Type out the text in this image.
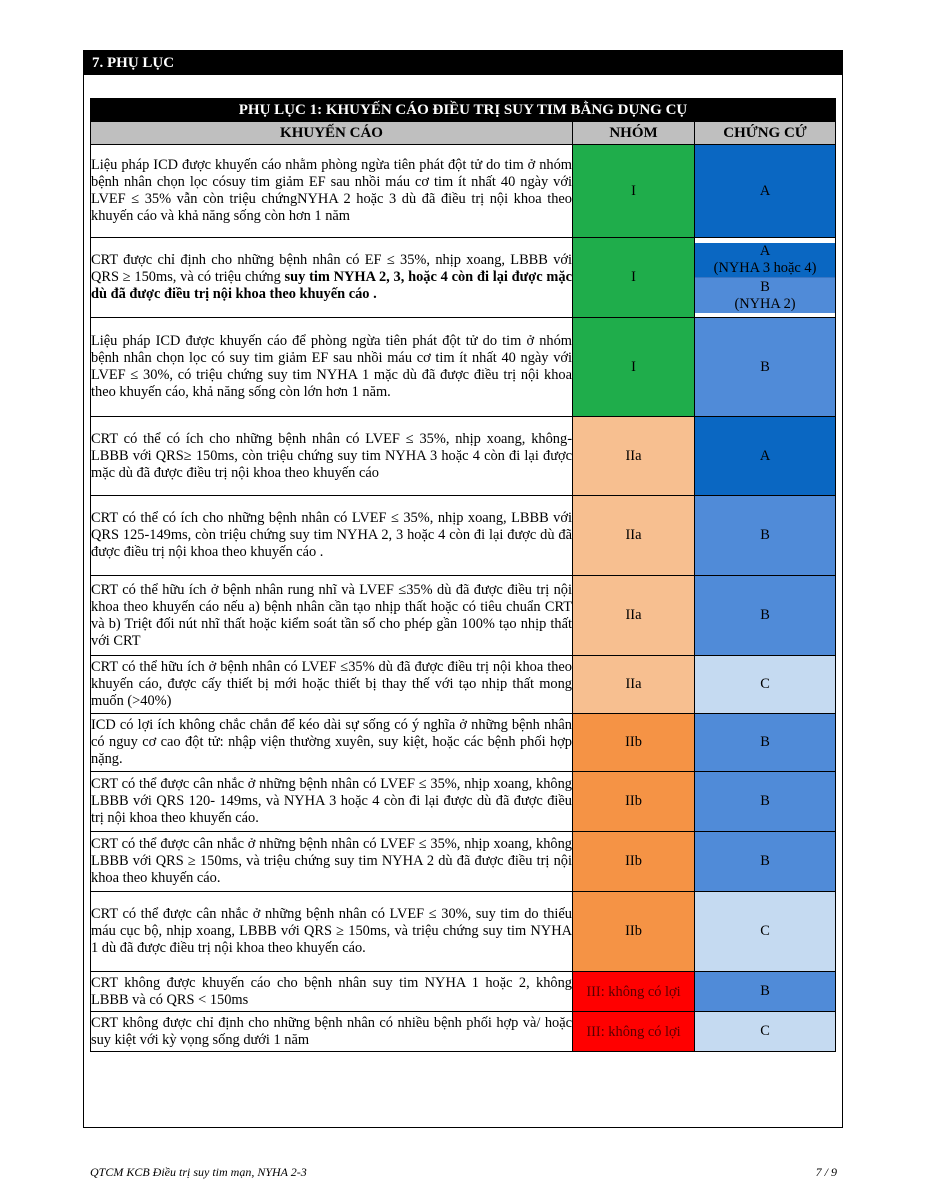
7. PHỤ LỤC
PHỤ LỤC 1: KHUYẾN CÁO ĐIỀU TRỊ SUY TIM BẰNG DỤNG CỤ		
KHUYẾN CÁO	NHÓM	CHỨNG CỨ
Liệu pháp ICD được khuyến cáo nhằm phòng ngừa tiên phát đột tử do tim ở nhóm bệnh nhân chọn lọc cósuy tim giảm EF sau nhồi máu cơ tim ít nhất 40 ngày với LVEF ≤ 35% vẫn còn triệu chứngNYHA 2 hoặc 3 dù đã điều trị nội khoa theo khuyến cáo và khả năng sống còn hơn 1 năm	I	A
CRT được chỉ định cho những bệnh nhân có EF ≤ 35%, nhịp xoang, LBBB với QRS ≥ 150ms, và có triệu chứng suy tim NYHA 2, 3, hoặc 4 còn đi lại được mặc dù đã được điều trị nội khoa theo khuyến cáo .	I	A
(NYHA 3 hoặc 4)
B
(NYHA 2)

Liệu pháp ICD được khuyến cáo để phòng ngừa tiên phát đột tử do tim ở nhóm bệnh nhân chọn lọc có suy tim giảm EF sau nhồi máu cơ tim ít nhất 40 ngày với LVEF ≤ 30%, có triệu chứng suy tim NYHA 1 mặc dù đã được điều trị nội khoa theo khuyến cáo, khả năng sống còn lớn hơn 1 năm.	I	B
CRT có thể có ích cho những bệnh nhân có LVEF ≤ 35%, nhịp xoang, không- LBBB với QRS≥ 150ms, còn triệu chứng suy tim NYHA 3 hoặc 4 còn đi lại được mặc dù đã được điều trị nội khoa theo khuyến cáo	IIa	A
CRT có thể có ích cho những bệnh nhân có LVEF ≤ 35%, nhịp xoang, LBBB với QRS 125-149ms, còn triệu chứng suy tim NYHA 2, 3 hoặc 4 còn đi lại được dù đã được điều trị nội khoa theo khuyến cáo .	IIa	B
CRT có thể hữu ích ở bệnh nhân rung nhĩ và LVEF ≤35% dù đã được điều trị nội khoa theo khuyến cáo nếu a) bệnh nhân cần tạo nhịp thất hoặc có tiêu chuẩn CRT và b) Triệt đối nút nhĩ thất hoặc kiểm soát tần số cho phép gần 100% tạo nhịp thất với CRT	IIa	B
CRT có thể hữu ích ở bệnh nhân có LVEF ≤35% dù đã được điều trị nội khoa theo khuyến cáo, được cấy thiết bị mới hoặc thiết bị thay thế với tạo nhịp thất mong muốn (>40%)	IIa	C
ICD có lợi ích không chắc chắn để kéo dài sự sống có ý nghĩa ở những bệnh nhân có nguy cơ cao đột tử: nhập viện thường xuyên, suy kiệt, hoặc các bệnh phối hợp nặng.	IIb	B
CRT có thể được cân nhắc ở những bệnh nhân có LVEF ≤ 35%, nhịp xoang, không LBBB với QRS 120- 149ms, và NYHA 3 hoặc 4 còn đi lại được dù đã được điều trị nội khoa theo khuyến cáo.	IIb	B
CRT có thể được cân nhắc ở những bệnh nhân có LVEF ≤ 35%, nhịp xoang, không LBBB với QRS ≥ 150ms, và triệu chứng suy tim NYHA 2 dù đã được điều trị nội khoa theo khuyến cáo.	IIb	B
CRT có thể được cân nhắc ở những bệnh nhân có LVEF ≤ 30%, suy tim do thiếu máu cục bộ, nhịp xoang, LBBB với QRS ≥ 150ms, và triệu chứng suy tim NYHA 1 dù đã được điều trị nội khoa theo khuyến cáo.	IIb	C
CRT không được khuyến cáo cho bệnh nhân suy tim NYHA 1 hoặc 2, không LBBB và có QRS < 150ms	III: không có lợi	B
CRT không được chỉ định cho những bệnh nhân có nhiều bệnh phối hợp và/ hoặc suy kiệt với kỳ vọng sống dưới 1 năm	III: không có lợi	C
QTCM KCB Điều trị suy tim mạn, NYHA 2-3	7 / 9
